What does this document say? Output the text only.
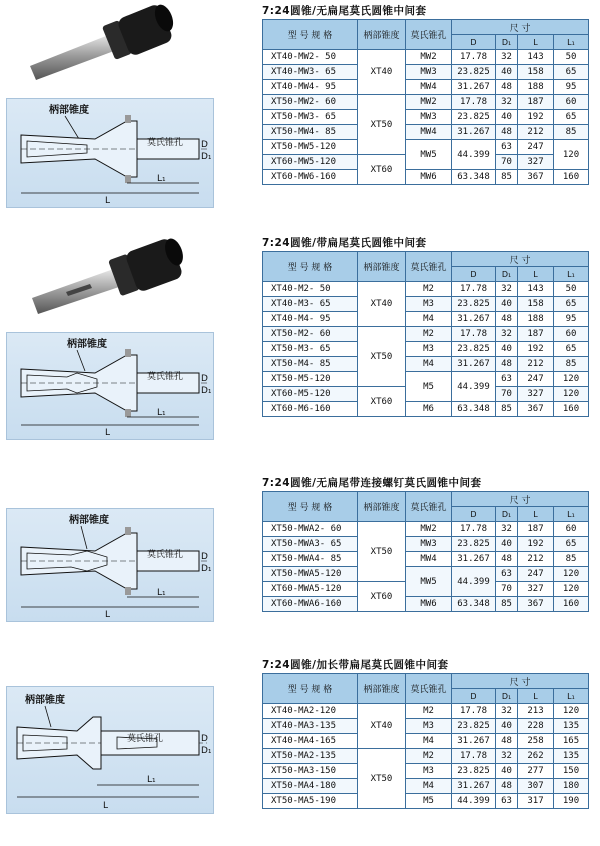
柄部锥度
莫氏锥孔 D
D₁
L
L₁
7:24圆锥/无扁尾莫氏圆锥中间套
型 号 规 格	柄部锥度	莫氏锥孔	尺 寸			
			D	D₁	L	L₁
XT40-MW2- 50	XT40	MW2	17.78	32	143	50
XT40-MW3- 65		MW3	23.825	40	158	65
XT40-MW4- 95		MW4	31.267	48	188	95
XT50-MW2- 60	XT50	MW2	17.78	32	187	60
XT50-MW3- 65		MW3	23.825	40	192	65
XT50-MW4- 85		MW4	31.267	48	212	85
XT50-MW5-120		MW5	44.399	63	247	120
XT60-MW5-120	XT60			70	327	
XT60-MW6-160		MW6	63.348	85	367	160
柄部锥度
莫氏锥孔 D
D₁
L
L₁
7:24圆锥/带扁尾莫氏圆锥中间套
型 号 规 格	柄部锥度	莫氏锥孔	尺 寸			
			D	D₁	L	L₁
XT40-M2- 50	XT40	M2	17.78	32	143	50
XT40-M3- 65		M3	23.825	40	158	65
XT40-M4- 95		M4	31.267	48	188	95
XT50-M2- 60	XT50	M2	17.78	32	187	60
XT50-M3- 65		M3	23.825	40	192	65
XT50-M4- 85		M4	31.267	48	212	85
XT50-M5-120		M5	44.399	63	247	120
XT60-M5-120	XT60			70	327	120
XT60-M6-160		M6	63.348	85	367	160
柄部锥度
莫氏锥孔 D
D₁
L
L₁
7:24圆锥/无扁尾带连接螺钉莫氏圆锥中间套
型 号 规 格	柄部锥度	莫氏锥孔	尺 寸			
			D	D₁	L	L₁
XT50-MWA2- 60	XT50	MW2	17.78	32	187	60
XT50-MWA3- 65		MW3	23.825	40	192	65
XT50-MWA4- 85		MW4	31.267	48	212	85
XT50-MWA5-120		MW5	44.399	63	247	120
XT60-MWA5-120	XT60			70	327	120
XT60-MWA6-160		MW6	63.348	85	367	160
柄部锥度
莫氏锥孔	D
D₁
L
L₁
7:24圆锥/加长带扁尾莫氏圆锥中间套
型 号 规 格	柄部锥度	莫氏锥孔	尺 寸			
			D	D₁	L	L₁
XT40-MA2-120	XT40	M2	17.78	32	213	120
XT40-MA3-135		M3	23.825	40	228	135
XT40-MA4-165		M4	31.267	48	258	165
XT50-MA2-135	XT50	M2	17.78	32	262	135
XT50-MA3-150		M3	23.825	40	277	150
XT50-MA4-180		M4	31.267	48	307	180
XT50-MA5-190		M5	44.399	63	317	190
